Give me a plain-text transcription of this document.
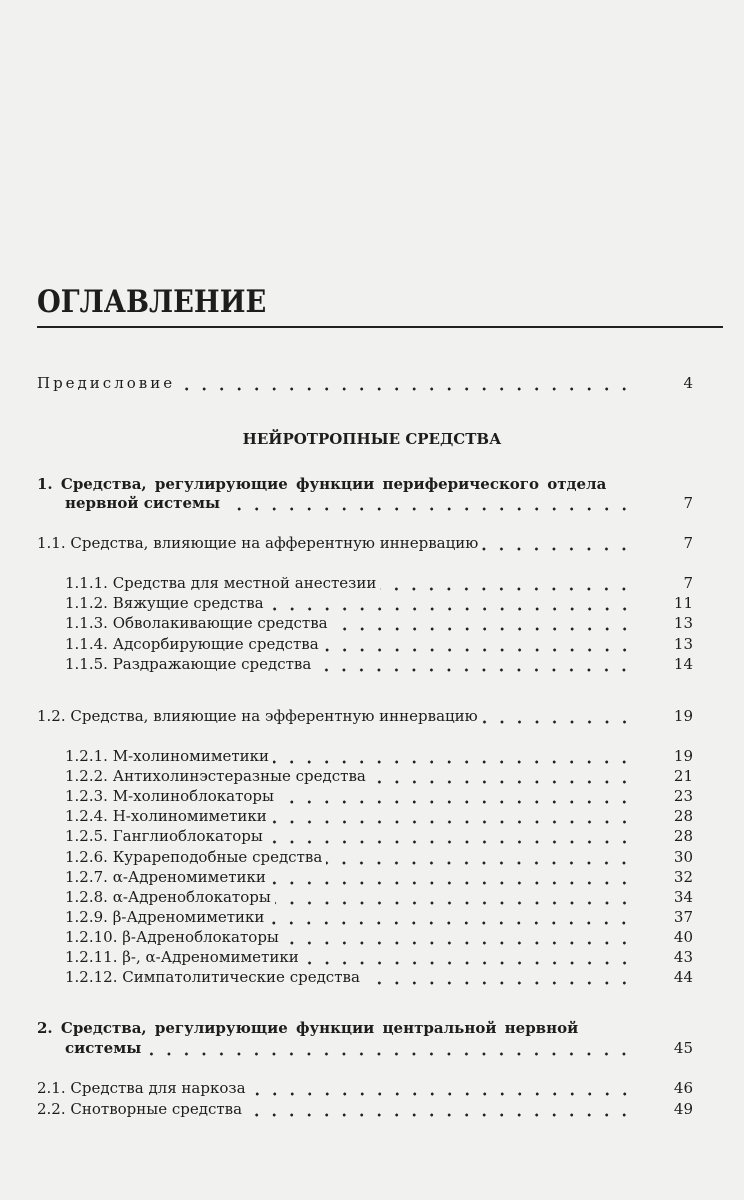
ОГЛАВЛЕНИЕ
Предисловие	4
НЕЙРОТРОПНЫЕ СРЕДСТВА
1. Средства, регулирующие функции периферического отдела
нервной системы	7
1.1. Средства, влияющие на афферентную иннервацию	7
1.1.1. Средства для местной анестезии	7
1.1.2. Вяжущие средства	11
1.1.3. Обволакивающие средства	13
1.1.4. Адсорбирующие средства	13
1.1.5. Раздражающие средства	14
1.2. Средства, влияющие на эфферентную иннервацию	19
1.2.1. М-холиномиметики	19
1.2.2. Антихолинэстеразные средства	21
1.2.3. М-холиноблокаторы	23
1.2.4. Н-холиномиметики	28
1.2.5. Ганглиоблокаторы	28
1.2.6. Курареподобные средства	30
1.2.7. α-Адреномиметики	32
1.2.8. α-Адреноблокаторы	34
1.2.9. β-Адреномиметики	37
1.2.10. β-Адреноблокаторы	40
1.2.11. β-, α-Адреномиметики	43
1.2.12. Симпатолитические средства	44
2. Средства, регулирующие функции центральной нервной
системы	45
2.1. Средства для наркоза	46
2.2. Снотворные средства	49
